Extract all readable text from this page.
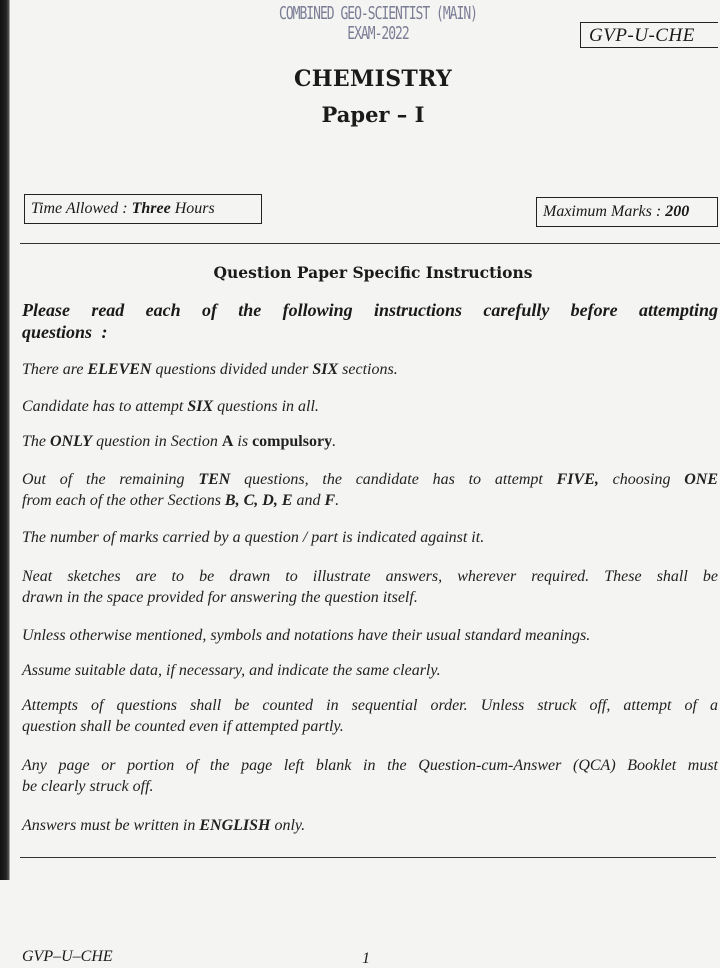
COMBINED GEO-SCIENTIST (MAIN) EXAM-2022	GVP-U-CHE
CHEMISTRY
Paper – I
Time Allowed : Three Hours	Maximum Marks : 200
Question Paper Specific Instructions
Please read each of the following instructions carefully before attempting
questions :
There are ELEVEN questions divided under SIX sections.
Candidate has to attempt SIX questions in all.
The ONLY question in Section A is compulsory.
Out of the remaining TEN questions, the candidate has to attempt FIVE, choosing ONE
from each of the other Sections B, C, D, E and F.
The number of marks carried by a question / part is indicated against it.
Neat sketches are to be drawn to illustrate answers, wherever required. These shall be
drawn in the space provided for answering the question itself.
Unless otherwise mentioned, symbols and notations have their usual standard meanings.
Assume suitable data, if necessary, and indicate the same clearly.
Attempts of questions shall be counted in sequential order. Unless struck off, attempt of a
question shall be counted even if attempted partly.
Any page or portion of the page left blank in the Question-cum-Answer (QCA) Booklet must
be clearly struck off.
Answers must be written in ENGLISH only.
GVP–U–CHE	1
